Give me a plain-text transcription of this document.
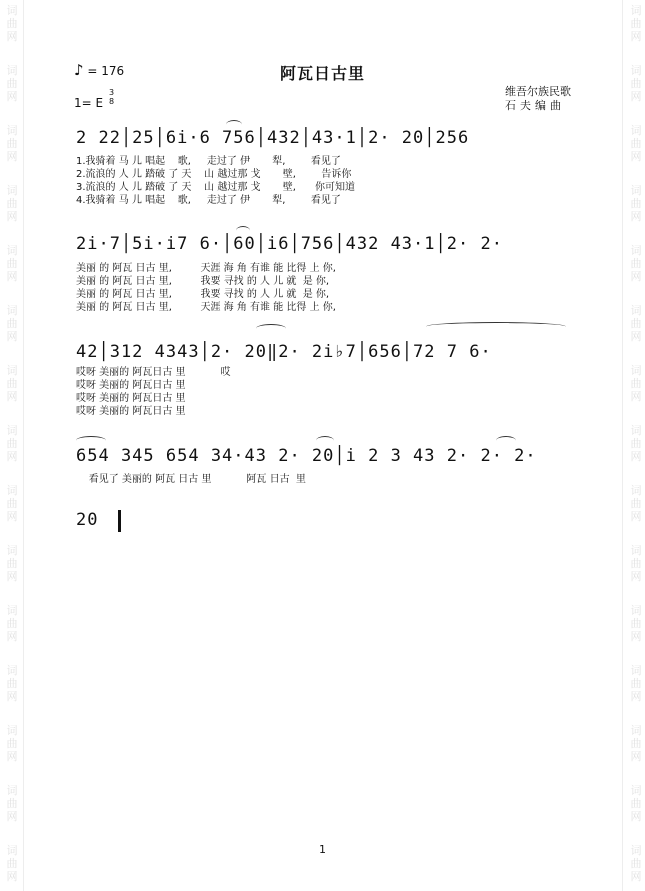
词
曲
网
词
曲
网
词
曲
网
词
曲
网
词
曲
网
词
曲
网
词
曲
网
词
曲
网
词
曲
网
词
曲
网
词
曲
网
词
曲
网
词
曲
网
词
曲
网
词
曲
网
词
曲
网
词
曲
网
词
曲
网
词
曲
网
词
曲
网
词
曲
网
词
曲
网
词
曲
网
词
曲
网
词
曲
网
词
曲
网
词
曲
网
词
曲
网
词
曲
网
词
曲
网
♪ = 176	阿瓦日古里
1= E
3
8
维吾尔族民歌
石夫编曲
2 22│25│6i·6 756│432│43·1│2· 20│256
1.我骑着 马 儿 唱起    歌,     走过了 伊       犁,        看见了
2.流浪的 人 儿 踏破 了 天    山 越过那 戈       壁,        告诉你
3.流浪的 人 儿 踏破 了 天    山 越过那 戈       壁,      你可知道
4.我骑着 马 儿 唱起    歌,     走过了 伊       犁,        看见了
2i·7│5i·i7 6·│60│i6│756│432 43·1│2· 2·
美丽 的 阿瓦 日古 里,         天涯 海 角 有谁 能 比得 上 你,
美丽 的 阿瓦 日古 里,         我要 寻找 的 人 儿 就  是 你,
美丽 的 阿瓦 日古 里,         我要 寻找 的 人 儿 就  是 你,
美丽 的 阿瓦 日古 里,         天涯 海 角 有谁 能 比得 上 你,
42│312 4343│2· 20‖2· 2i♭7│656│72 7 6·
哎呀 美丽的 阿瓦日古 里           哎
哎呀 美丽的 阿瓦日古 里
哎呀 美丽的 阿瓦日古 里
哎呀 美丽的 阿瓦日古 里
654 345 654 34·43 2· 20│i 2 3 43 2· 2· 2·
看见了 美丽的 阿瓦 日古 里           阿瓦 日古  里
20
1
